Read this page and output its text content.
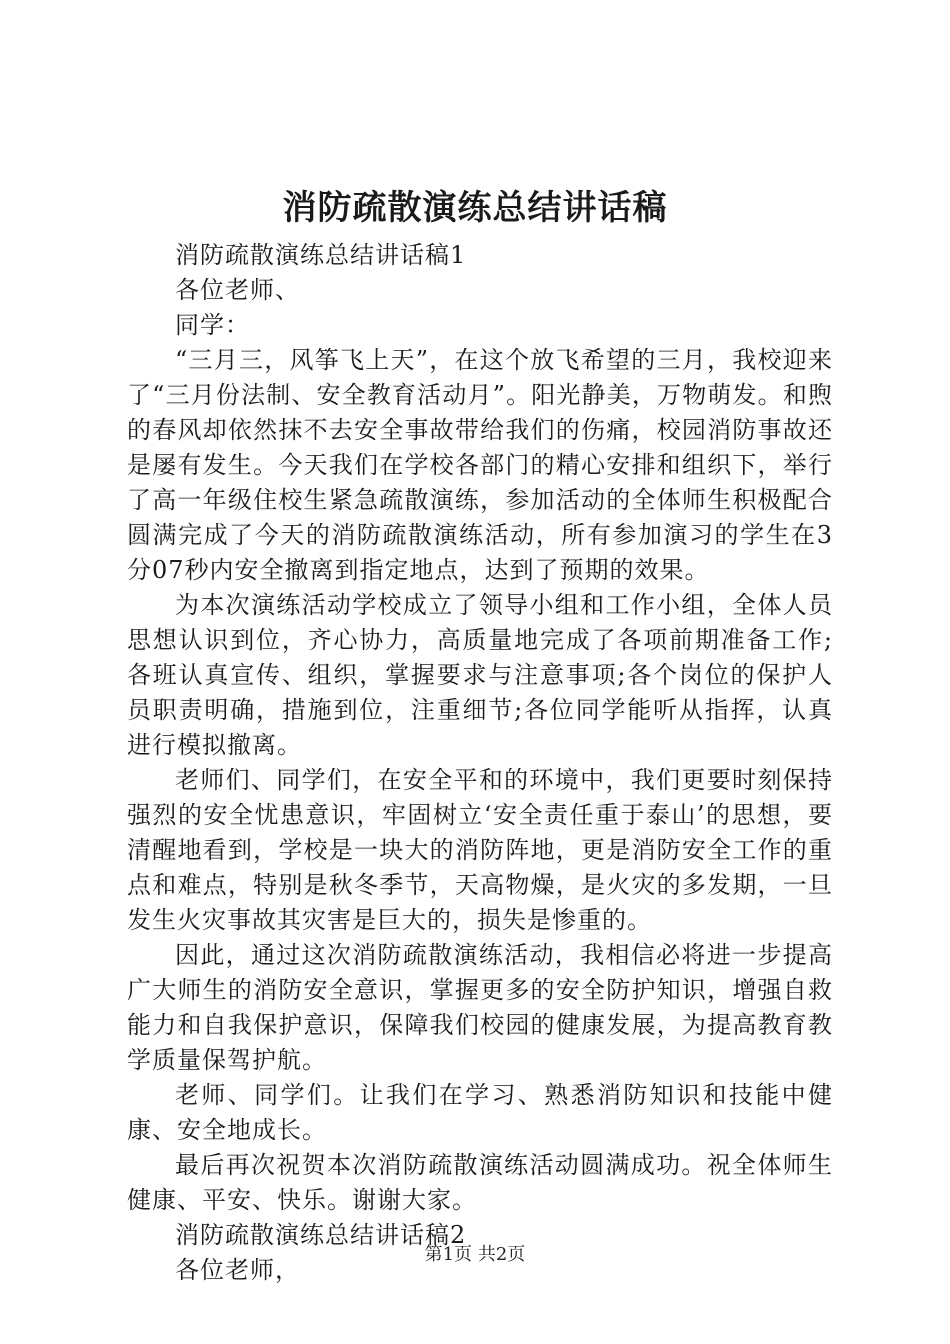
消防疏散演练总结讲话稿

消防疏散演练总结讲话稿1

各位老师、

同学：

“三月三，风筝飞上天”，在这个放飞希望的三月，我校迎来了“三月份法制、安全教育活动月”。阳光静美，万物萌发。和煦的春风却依然抹不去安全事故带给我们的伤痛，校园消防事故还是屡有发生。今天我们在学校各部门的精心安排和组织下，举行了高一年级住校生紧急疏散演练，参加活动的全体师生积极配合圆满完成了今天的消防疏散演练活动，所有参加演习的学生在3分07秒内安全撤离到指定地点，达到了预期的效果。

为本次演练活动学校成立了领导小组和工作小组，全体人员思想认识到位，齐心协力，高质量地完成了各项前期准备工作;各班认真宣传、组织，掌握要求与注意事项;各个岗位的保护人员职责明确，措施到位，注重细节;各位同学能听从指挥，认真进行模拟撤离。

老师们、同学们，在安全平和的环境中，我们更要时刻保持强烈的安全忧患意识，牢固树立‘安全责任重于泰山’的思想，要清醒地看到，学校是一块大的消防阵地，更是消防安全工作的重点和难点，特别是秋冬季节，天高物燥，是火灾的多发期，一旦发生火灾事故其灾害是巨大的，损失是惨重的。

因此，通过这次消防疏散演练活动，我相信必将进一步提高广大师生的消防安全意识，掌握更多的安全防护知识，增强自救能力和自我保护意识，保障我们校园的健康发展，为提高教育教学质量保驾护航。

老师、同学们。让我们在学习、熟悉消防知识和技能中健康、安全地成长。

最后再次祝贺本次消防疏散演练活动圆满成功。祝全体师生健康、平安、快乐。谢谢大家。

消防疏散演练总结讲话稿2

各位老师，

第1页 共2页
